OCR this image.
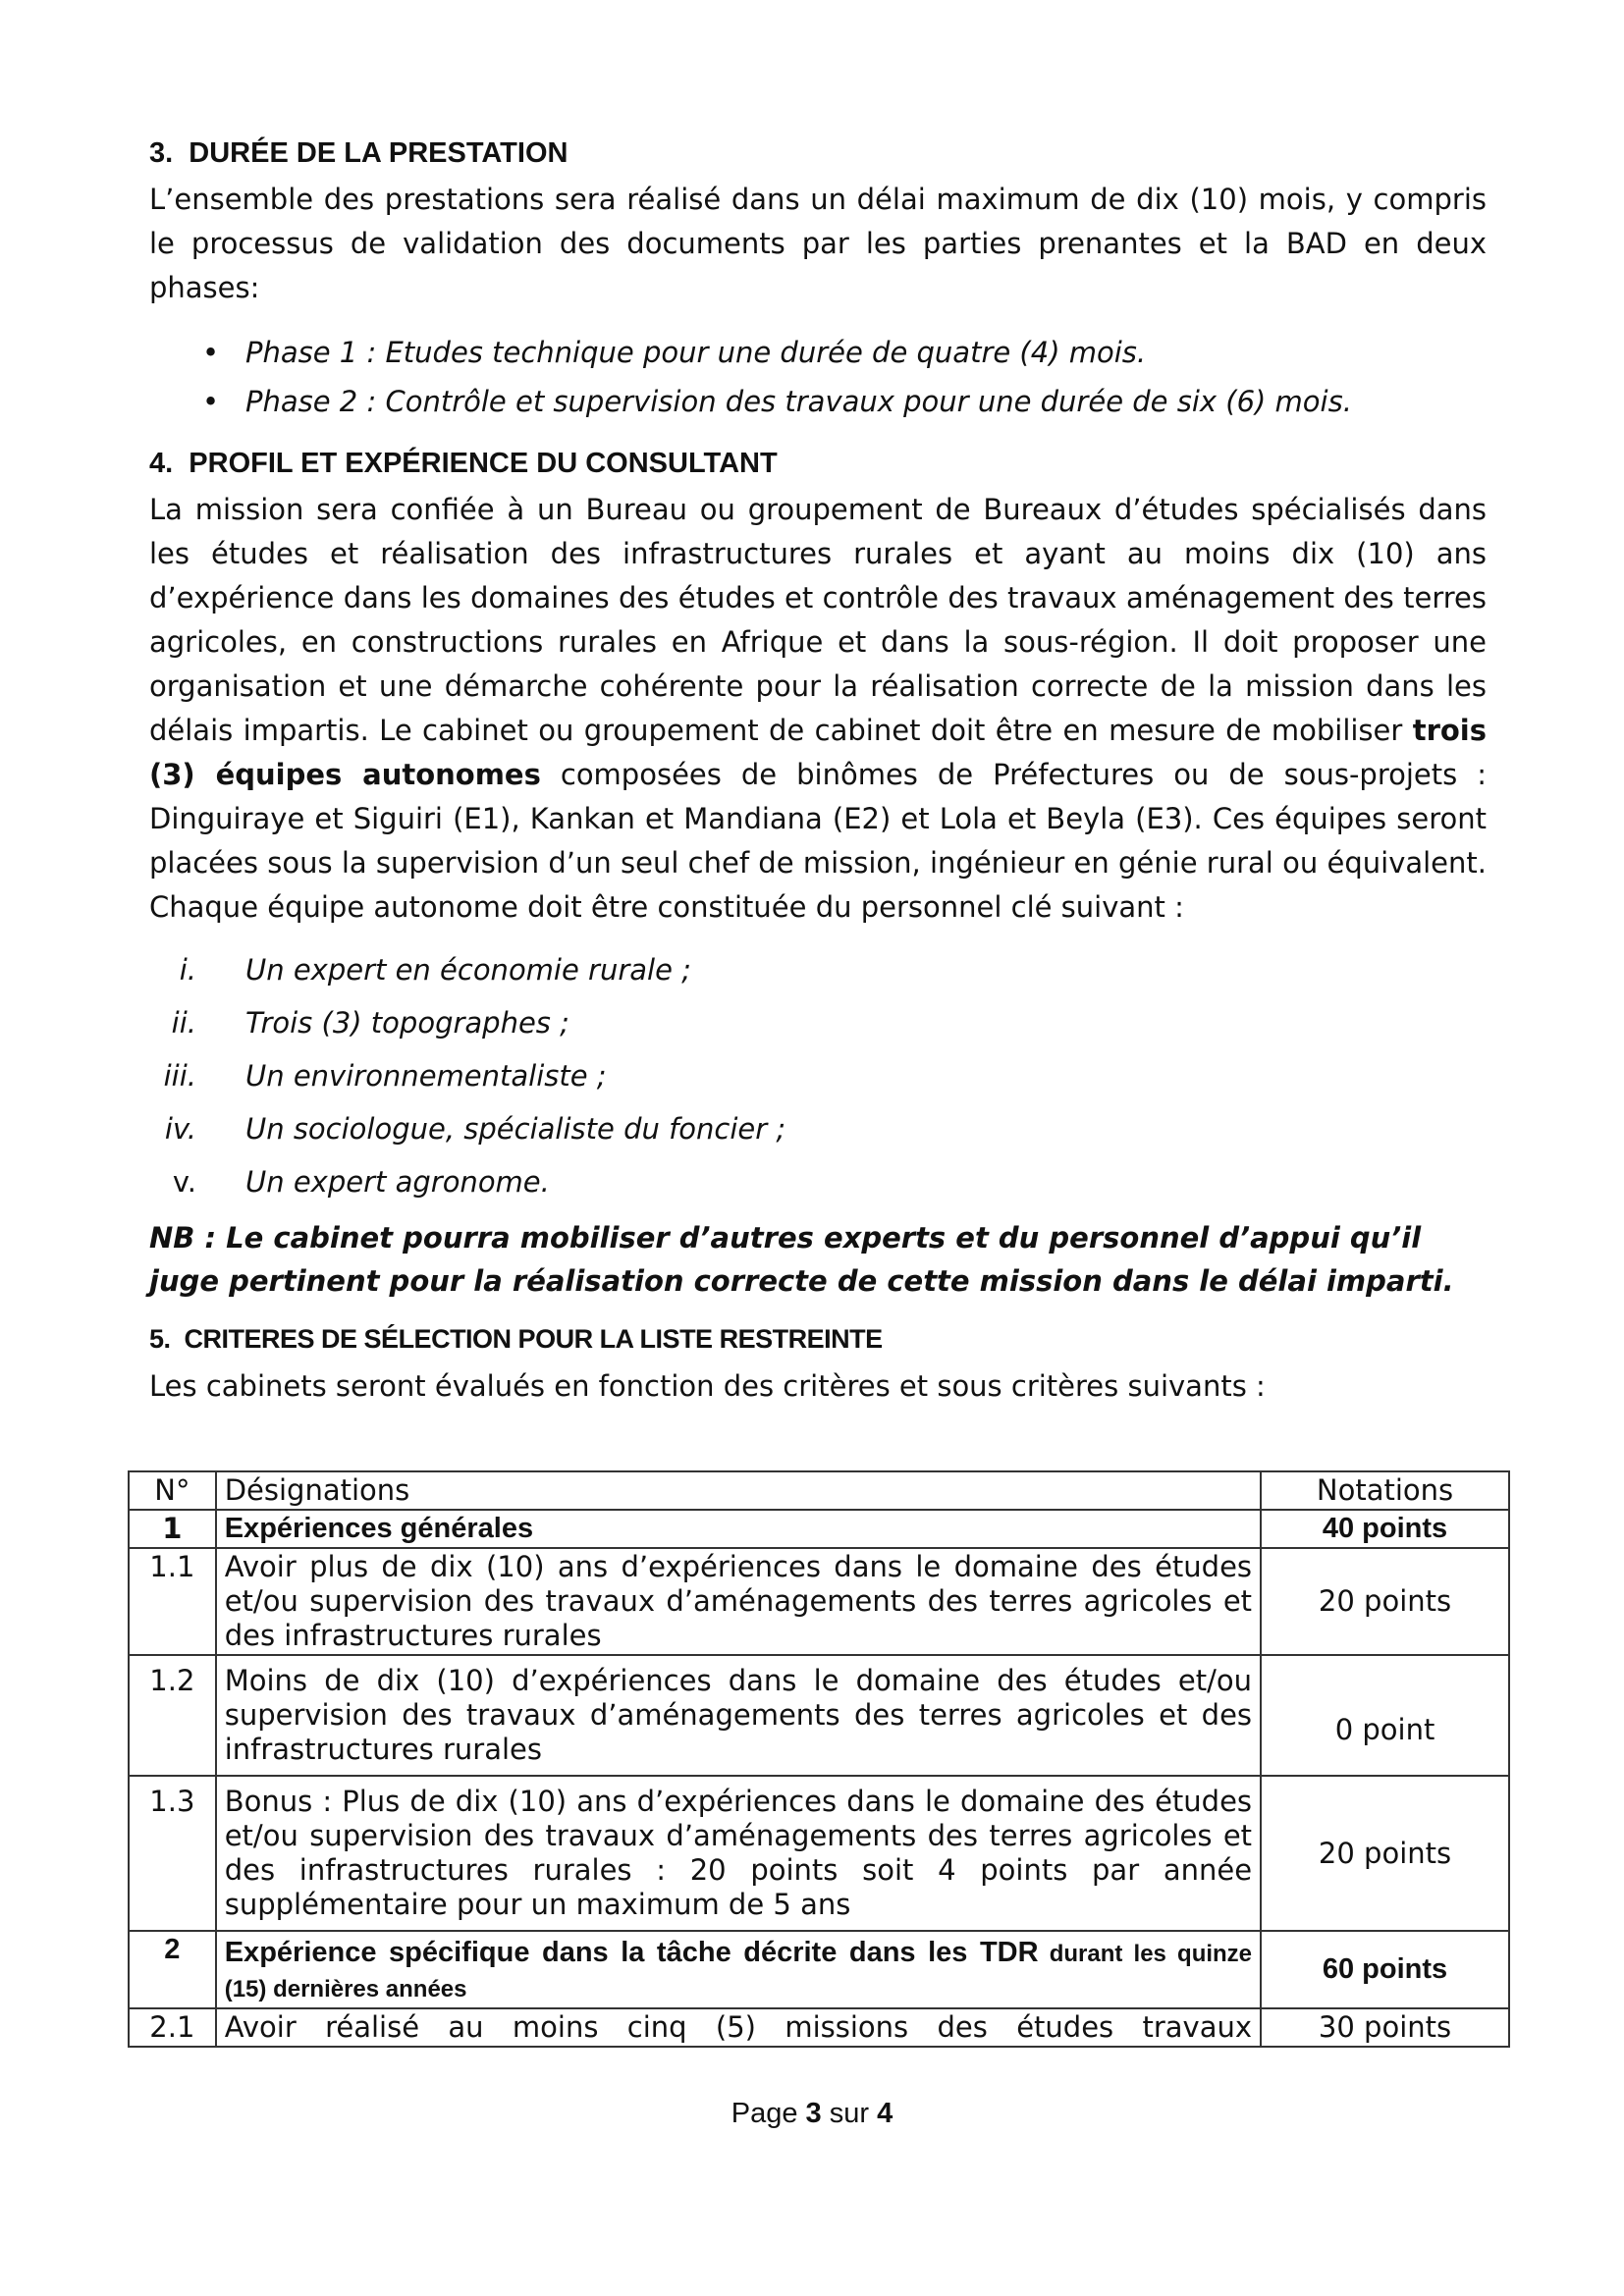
3.  DURÉE DE LA PRESTATION

L’ensemble des prestations sera réalisé dans un délai maximum de dix (10) mois, y compris le processus de validation des documents par les parties prenantes et la BAD en deux phases:

• Phase 1 : Etudes technique pour une durée de quatre (4) mois.
• Phase 2 : Contrôle et supervision des travaux pour une durée de six (6) mois.
4.  PROFIL ET EXPÉRIENCE DU CONSULTANT

La mission sera confiée à un Bureau ou groupement de Bureaux d’études spécialisés dans les études et réalisation des infrastructures rurales et ayant au moins dix (10) ans d’expérience dans les domaines des études et contrôle des travaux aménagement des terres agricoles, en constructions rurales en Afrique et dans la sous-région. Il doit proposer une organisation et une démarche cohérente pour la réalisation correcte de la mission dans les délais impartis. Le cabinet ou groupement de cabinet doit être en mesure de mobiliser trois (3) équipes autonomes composées de binômes de Préfectures ou de sous-projets : Dinguiraye et Siguiri (E1), Kankan et Mandiana (E2) et Lola et Beyla (E3). Ces équipes seront placées sous la supervision d’un seul chef de mission, ingénieur en génie rural ou équivalent. Chaque équipe autonome doit être constituée du personnel clé suivant :

i. Un expert en économie rurale ;
ii. Trois (3) topographes ;
iii. Un environnementaliste ;
iv. Un sociologue, spécialiste du foncier ;
v. Un expert agronome.

NB : Le cabinet pourra mobiliser d’autres experts et du personnel d’appui qu’il juge pertinent pour la réalisation correcte de cette mission dans le délai imparti.

5.  CRITERES DE SÉLECTION POUR LA LISTE RESTREINTE

Les cabinets seront évalués en fonction des critères et sous critères suivants :

N°	Désignations	Notations
1	Expériences générales	40 points
1.1	Avoir plus de dix (10) ans d’expériences dans le domaine des études et/ou supervision des travaux d’aménagements des terres agricoles et des infrastructures rurales	20 points
1.2	Moins de dix (10) d’expériences dans le domaine des études et/ou supervision des travaux d’aménagements des terres agricoles et des infrastructures rurales	0 point
1.3	Bonus : Plus de dix (10) ans d’expériences dans le domaine des études et/ou supervision des travaux d’aménagements des terres agricoles et des infrastructures rurales : 20 points soit 4 points par année supplémentaire pour un maximum de 5 ans	20 points
2	Expérience spécifique dans la tâche décrite dans les TDR durant les quinze (15) dernières années	60 points
2.1	Avoir réalisé au moins cinq (5) missions des études travaux	30 points
Page 3 sur 4
